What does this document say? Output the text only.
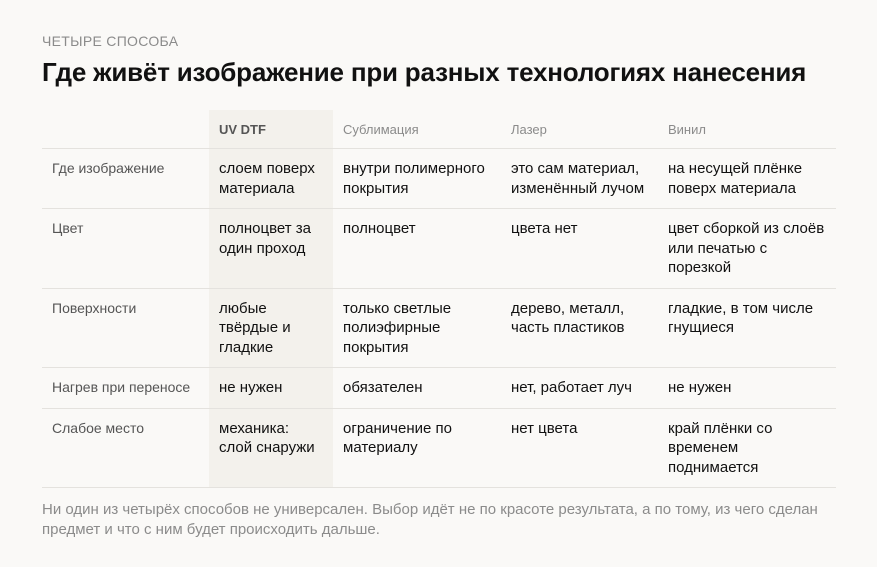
ЧЕТЫРЕ СПОСОБА
Где живёт изображение при разных технологиях нанесения
	UV DTF	Сублимация	Лазер	Винил
Где изображение	слоем поверх материала	внутри полимерного покрытия	это сам материал, изменённый лучом	на несущей плёнке поверх материала
Цвет	полноцвет за один проход	полноцвет	цвета нет	цвет сборкой из слоёв или печатью с порезкой
Поверхности	любые твёрдые и гладкие	только светлые полиэфирные покрытия	дерево, металл, часть пластиков	гладкие, в том числе гнущиеся
Нагрев при переносе	не нужен	обязателен	нет, работает луч	не нужен
Слабое место	механика: слой снаружи	ограничение по материалу	нет цвета	край плёнки со временем поднимается

Ни один из четырёх способов не универсален. Выбор идёт не по красоте результата, а по тому, из чего сделан предмет и что с ним будет происходить дальше.
